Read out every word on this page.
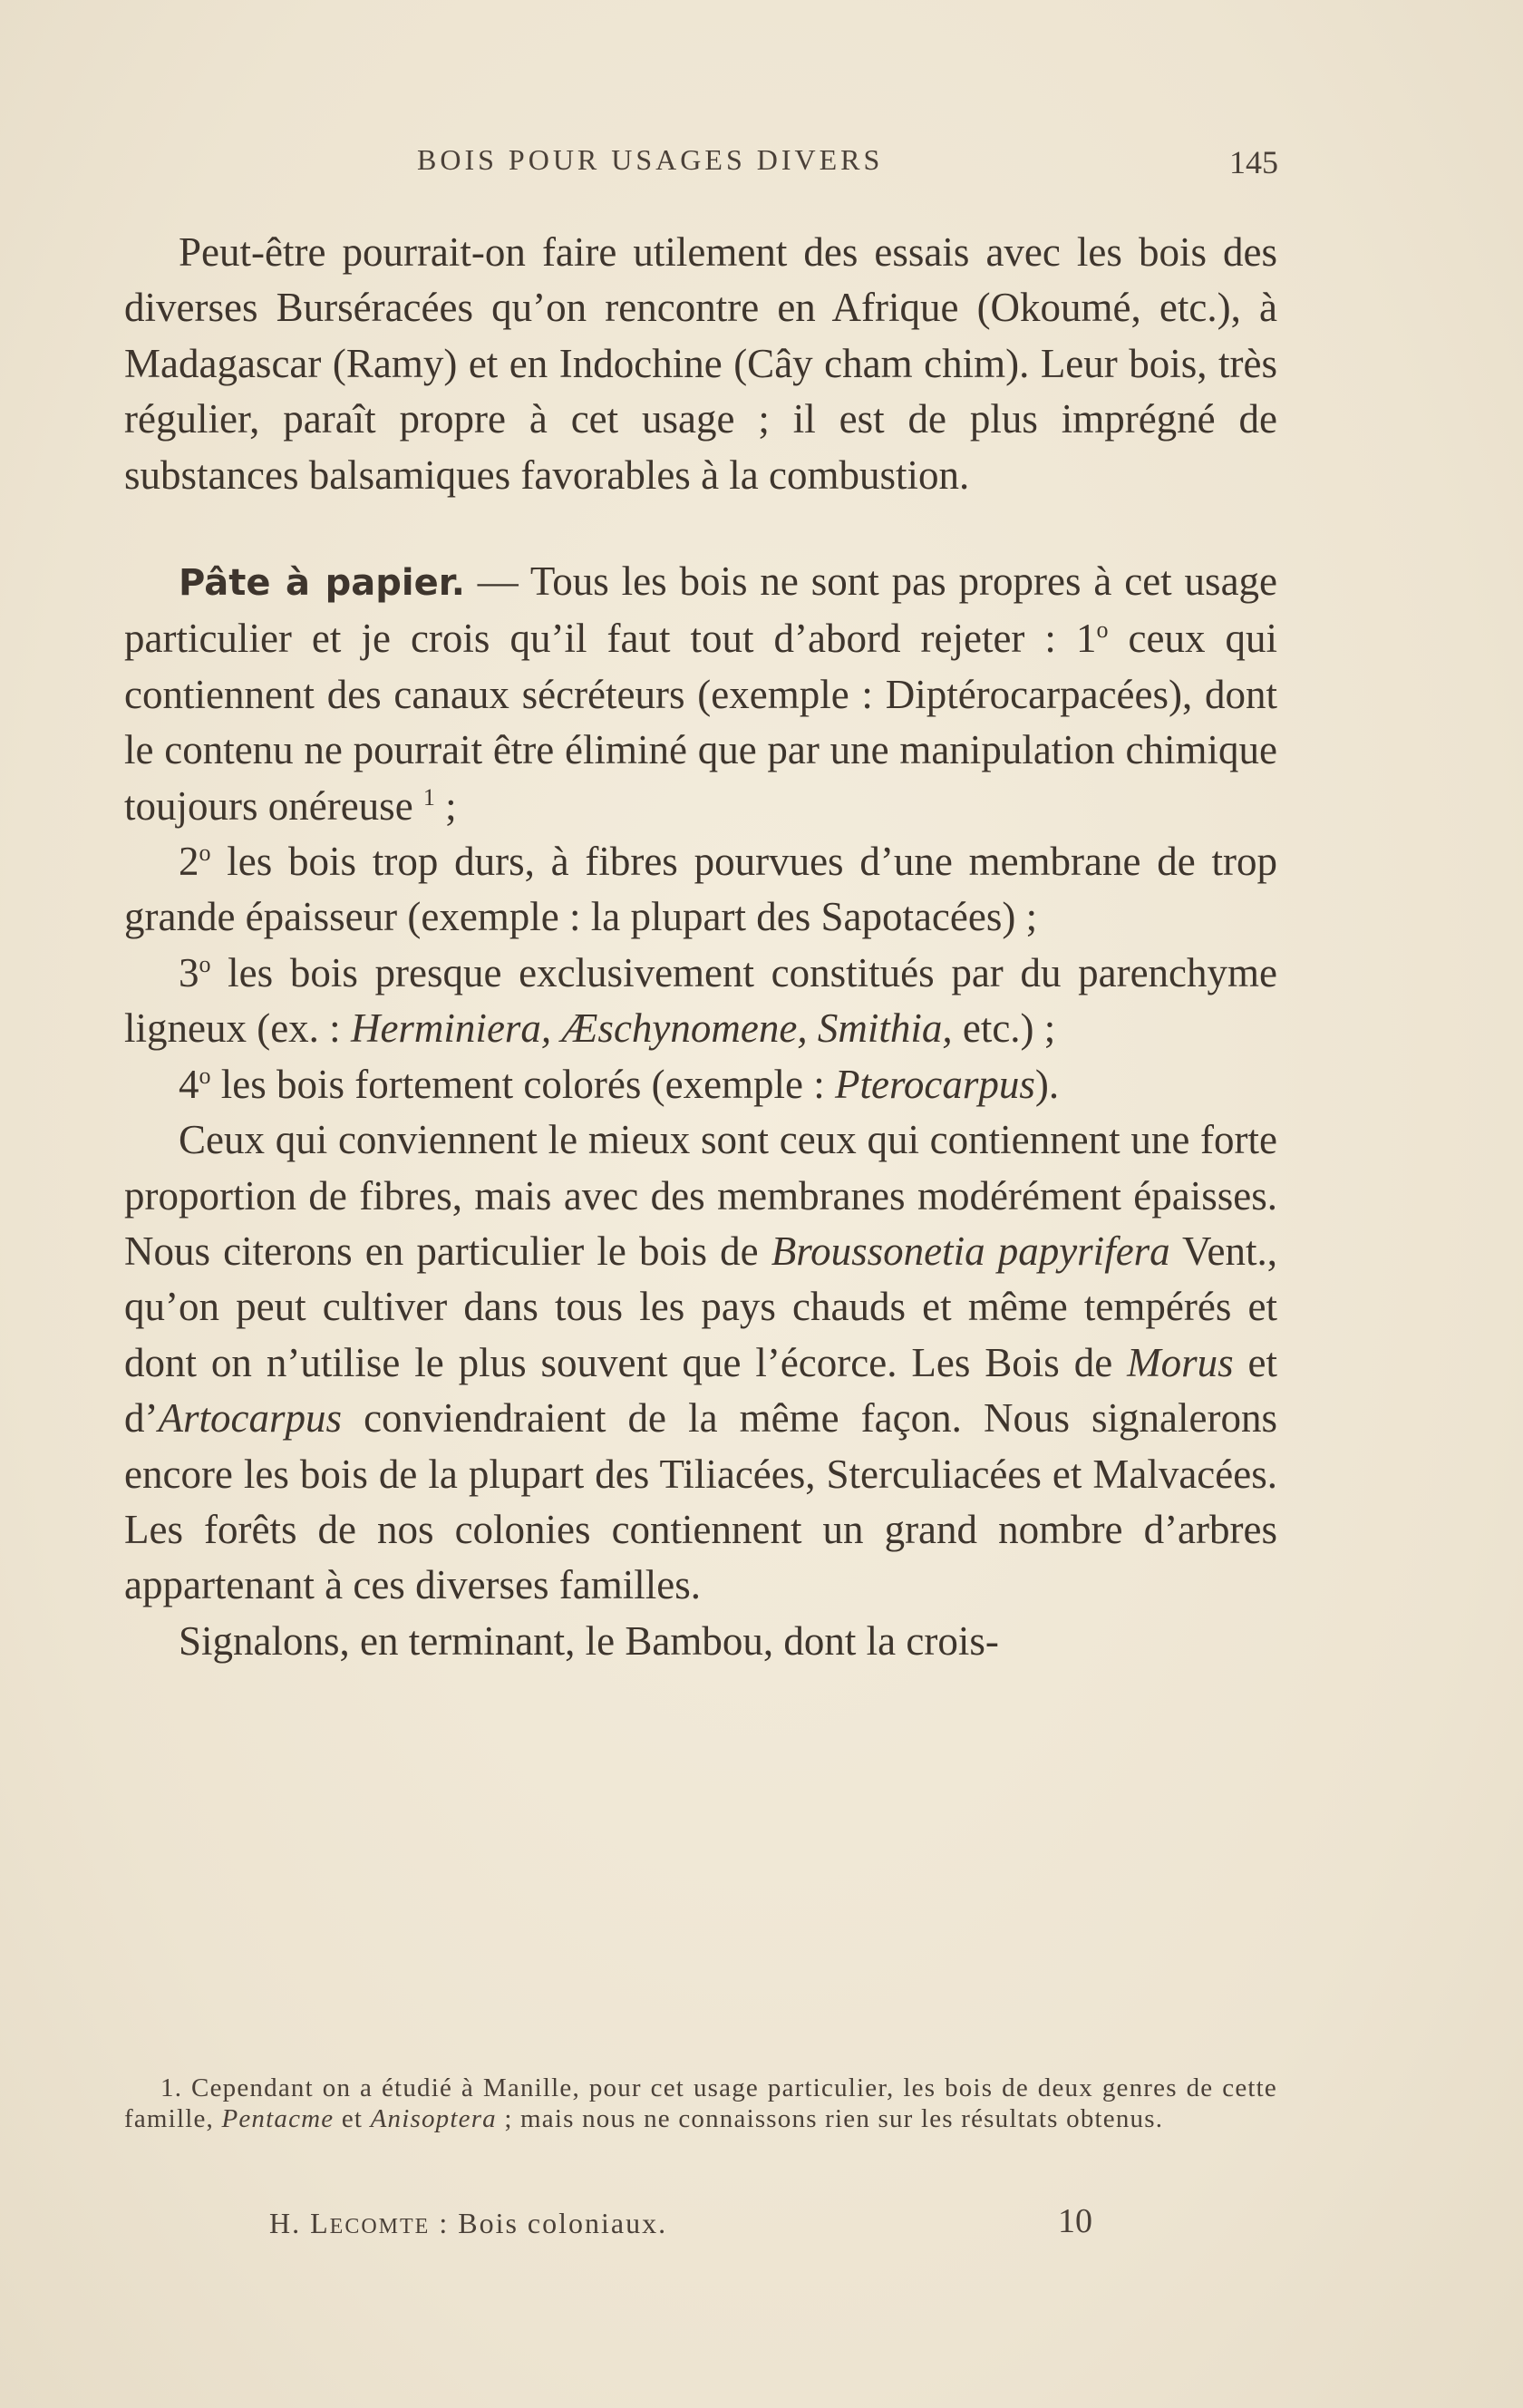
BOIS POUR USAGES DIVERS	145

Peut-être pourrait-on faire utilement des essais avec les bois des diverses Burséracées qu’on rencontre en Afrique (Okoumé, etc.), à Madagascar (Ramy) et en Indochine (Cây cham chim). Leur bois, très régulier, paraît propre à cet usage ; il est de plus imprégné de substances balsamiques favorables à la combustion.

Pâte à papier. — Tous les bois ne sont pas propres à cet usage particulier et je crois qu’il faut tout d’abord rejeter : 1$^o$ ceux qui contiennent des canaux sécréteurs (exemple : Diptérocarpacées), dont le contenu ne pourrait être éliminé que par une manipulation chimique toujours onéreuse $^1$ ;

2$^o$ les bois trop durs, à fibres pourvues d’une membrane de trop grande épaisseur (exemple : la plupart des Sapotacées) ;

3$^o$ les bois presque exclusivement constitués par du parenchyme ligneux (ex. : Herminiera, Æschynomene, Smithia, etc.) ;

4$^o$ les bois fortement colorés (exemple : Pterocarpus).

Ceux qui conviennent le mieux sont ceux qui contiennent une forte proportion de fibres, mais avec des membranes modérément épaisses. Nous citerons en particulier le bois de Broussonetia papyrifera Vent., qu’on peut cultiver dans tous les pays chauds et même tempérés et dont on n’utilise le plus souvent que l’écorce. Les Bois de Morus et d’Artocarpus conviendraient de la même façon. Nous signalerons encore les bois de la plupart des Tiliacées, Sterculiacées et Malvacées. Les forêts de nos colonies contiennent un grand nombre d’arbres appartenant à ces diverses familles.

Signalons, en terminant, le Bambou, dont la crois-

1. Cependant on a étudié à Manille, pour cet usage particulier, les bois de deux genres de cette famille, Pentacme et Anisoptera ; mais nous ne connaissons rien sur les résultats obtenus.
H. LECOMTE : Bois coloniaux.	10
